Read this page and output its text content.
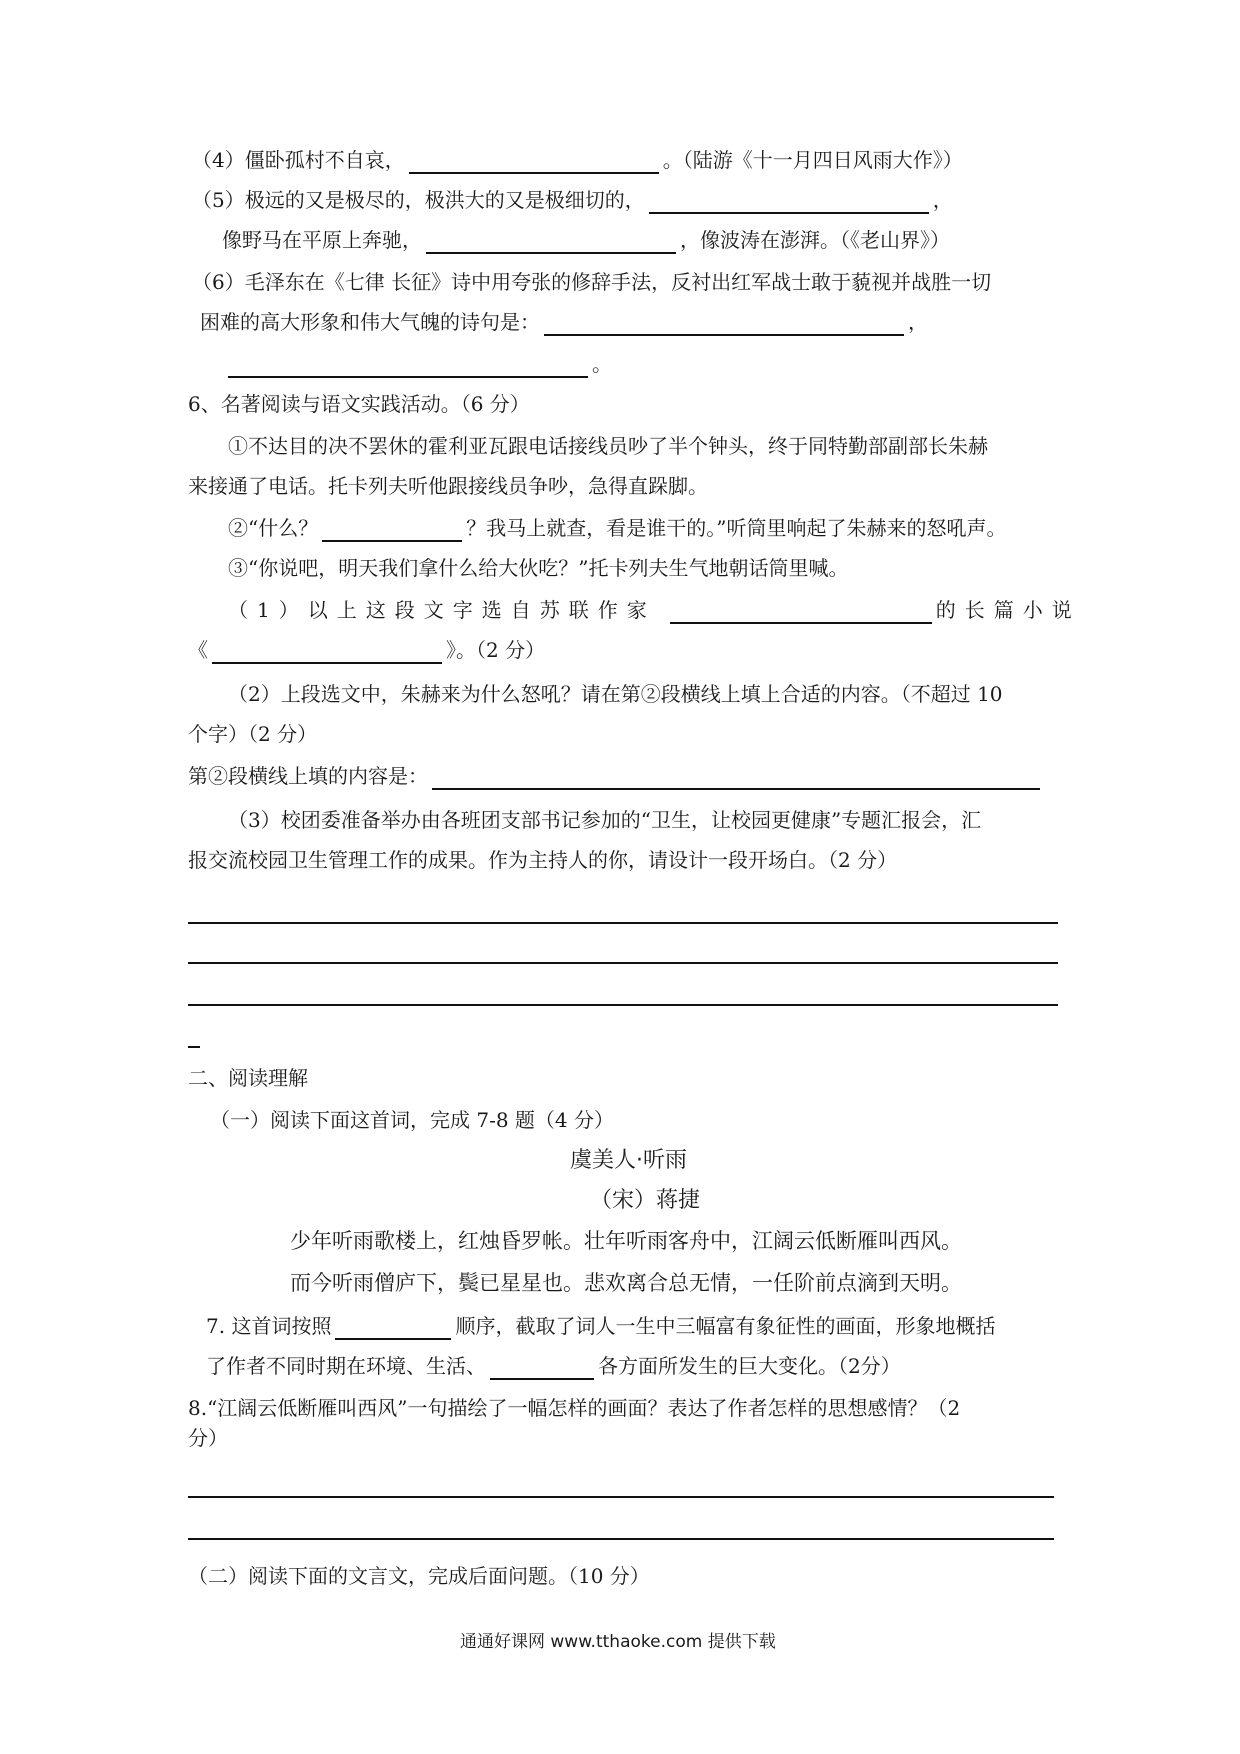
（4）僵卧孤村不自哀，	。（陆游《十一月四日风雨大作》）
（5）极远的又是极尽的，极洪大的又是极细切的，	，
像野马在平原上奔驰，	，像波涛在澎湃。（《老山界》）
（6）毛泽东在《七律 长征》诗中用夸张的修辞手法，反衬出红军战士敢于藐视并战胜一切
困难的高大形象和伟大气魄的诗句是：	，
。
6、名著阅读与语文实践活动。（6 分）
①不达目的决不罢休的霍利亚瓦跟电话接线员吵了半个钟头，终于同特勤部副部长朱赫
来接通了电话。托卡列夫听他跟接线员争吵，急得直跺脚。
②“什么？	？我马上就查，看是谁干的。”听筒里响起了朱赫来的怒吼声。
③“你说吧，明天我们拿什么给大伙吃？”托卡列夫生气地朝话筒里喊。
（1）以上这段文字选自苏联作家	的长篇小说
《	》。（2 分）
（2）上段选文中，朱赫来为什么怒吼？请在第②段横线上填上合适的内容。（不超过 10
个字）（2 分）
第②段横线上填的内容是：
（3）校团委准备举办由各班团支部书记参加的“卫生，让校园更健康”专题汇报会，汇
报交流校园卫生管理工作的成果。作为主持人的你，请设计一段开场白。（2 分）
二、阅读理解
（一）阅读下面这首词，完成 7-8 题（4 分）
虞美人·听雨
（宋）蒋捷
少年听雨歌楼上，红烛昏罗帐。壮年听雨客舟中，江阔云低断雁叫西风。
而今听雨僧庐下，鬓已星星也。悲欢离合总无情，一任阶前点滴到天明。
7. 这首词按照	顺序，截取了词人一生中三幅富有象征性的画面，形象地概括
了作者不同时期在环境、生活、	各方面所发生的巨大变化。（2分）
8.“江阔云低断雁叫西风”一句描绘了一幅怎样的画面？表达了作者怎样的思想感情？（2
分）
（二）阅读下面的文言文，完成后面问题。（10 分）
通通好课网 www.tthaoke.com 提供下载
